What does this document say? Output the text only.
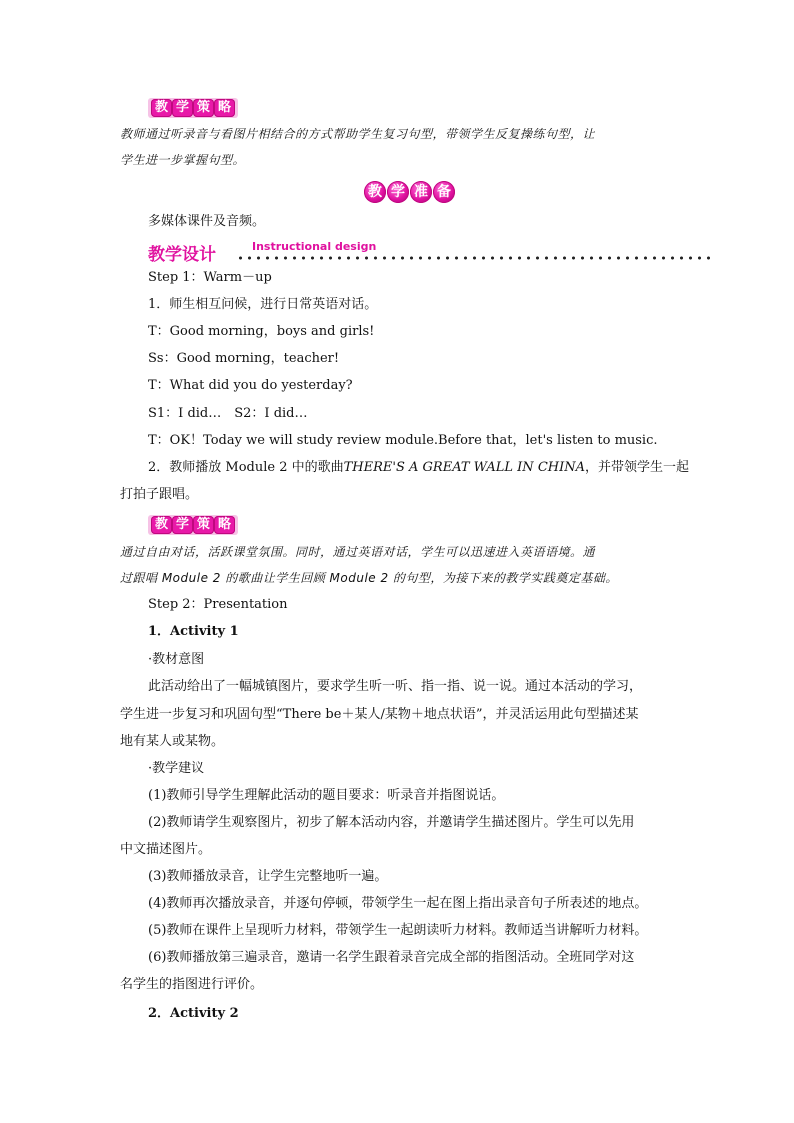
教 学 策 略
教师通过听录音与看图片相结合的方式帮助学生复习句型，带领学生反复操练句型，让
学生进一步掌握句型。
教 学 准 备
多媒体课件及音频。
教学设计	Instructional design
Step 1：Warm－up
1．师生相互问候，进行日常英语对话。
T：Good morning，boys and girls!
Ss：Good morning，teacher!
T：What did you do yesterday?
S1：I did…　S2：I did…
T：OK！Today we will study review module.Before that，let's listen to music.
2．教师播放 Module 2 中的歌曲THERE'S A GREAT WALL IN CHINA，并带领学生一起
打拍子跟唱。
教 学 策 略
通过自由对话，活跃课堂氛围。同时，通过英语对话，学生可以迅速进入英语语境。通
过跟唱 Module 2 的歌曲让学生回顾 Module 2 的句型，为接下来的教学实践奠定基础。
Step 2：Presentation
1．Activity 1
·教材意图
此活动给出了一幅城镇图片，要求学生听一听、指一指、说一说。通过本活动的学习，
学生进一步复习和巩固句型“There be＋某人/某物＋地点状语”，并灵活运用此句型描述某
地有某人或某物。
·教学建议
(1)教师引导学生理解此活动的题目要求：听录音并指图说话。
(2)教师请学生观察图片，初步了解本活动内容，并邀请学生描述图片。学生可以先用
中文描述图片。
(3)教师播放录音，让学生完整地听一遍。
(4)教师再次播放录音，并逐句停顿，带领学生一起在图上指出录音句子所表述的地点。
(5)教师在课件上呈现听力材料，带领学生一起朗读听力材料。教师适当讲解听力材料。
(6)教师播放第三遍录音，邀请一名学生跟着录音完成全部的指图活动。全班同学对这
名学生的指图进行评价。
2．Activity 2
